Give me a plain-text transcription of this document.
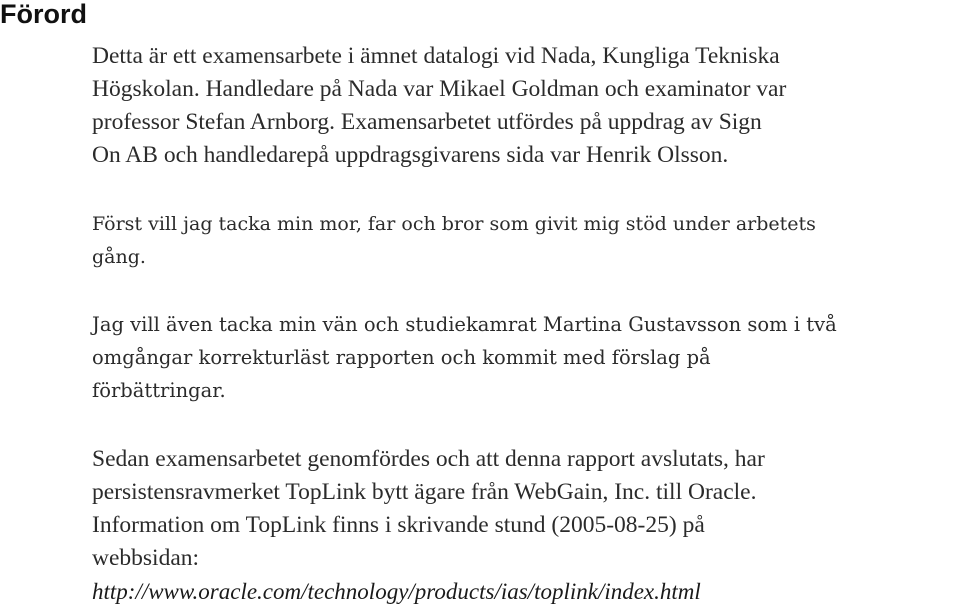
Förord

Detta är ett examensarbete i ämnet datalogi vid Nada, Kungliga Tekniska
Högskolan. Handledare på Nada var Mikael Goldman och examinator var
professor Stefan Arnborg. Examensarbetet utfördes på uppdrag av Sign
On AB och handledarepå uppdragsgivarens sida var Henrik Olsson.

Först vill jag tacka min mor, far och bror som givit mig stöd under arbetets
gång.

Jag vill även tacka min vän och studiekamrat Martina Gustavsson som i två
omgångar korrekturläst rapporten och kommit med förslag på
förbättringar.

Sedan examensarbetet genomfördes och att denna rapport avslutats, har
persistensravmerket TopLink bytt ägare från WebGain, Inc. till Oracle.
Information om TopLink finns i skrivande stund (2005-08-25) på
webbsidan:
http://www.oracle.com/technology/products/ias/toplink/index.html
